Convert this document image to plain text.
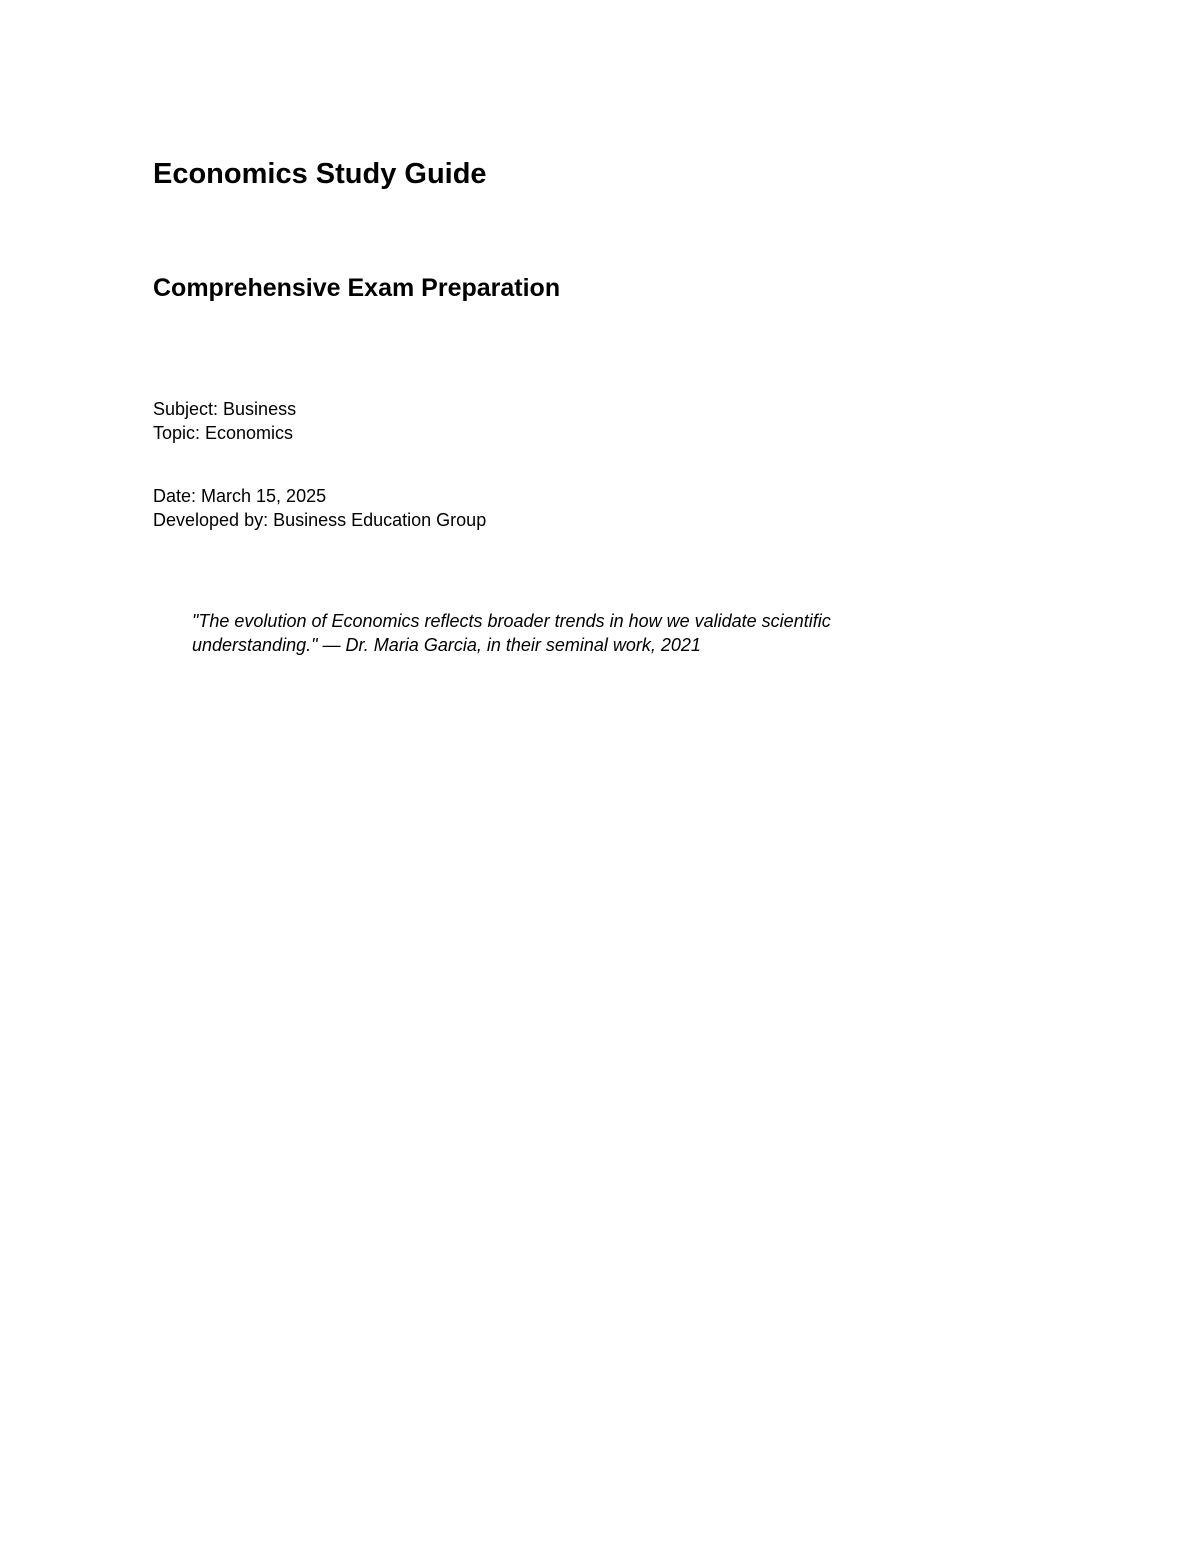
Economics Study Guide
Comprehensive Exam Preparation
Subject: Business
Topic: Economics
Date: March 15, 2025
Developed by: Business Education Group

"The evolution of Economics reflects broader trends in how we validate scientific understanding." — Dr. Maria Garcia, in their seminal work, 2021
